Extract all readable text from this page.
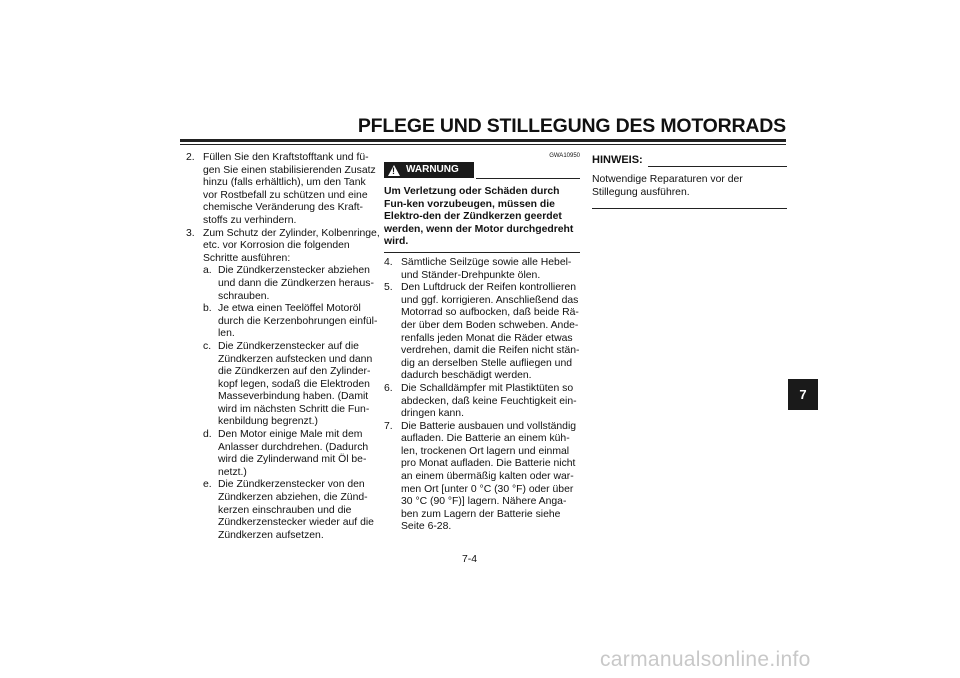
PFLEGE UND STILLEGUNG DES MOTORRADS
2. Füllen Sie den Kraftstofftank und fü-gen Sie einen stabilisierenden Zusatz hinzu (falls erhältlich), um den Tank vor Rostbefall zu schützen und eine chemische Veränderung des Kraft-stoffs zu verhindern.
3. Zum Schutz der Zylinder, Kolbenringe, etc. vor Korrosion die folgenden Schritte ausführen:
a. Die Zündkerzenstecker abziehen und dann die Zündkerzen heraus-schrauben.
b. Je etwa einen Teelöffel Motoröl durch die Kerzenbohrungen einfül-len.
c. Die Zündkerzenstecker auf die Zündkerzen aufstecken und dann die Zündkerzen auf den Zylinder-kopf legen, sodaß die Elektroden Masseverbindung haben. (Damit wird im nächsten Schritt die Fun-kenbildung begrenzt.)
d. Den Motor einige Male mit dem Anlasser durchdrehen. (Dadurch wird die Zylinderwand mit Öl be-netzt.)
e. Die Zündkerzenstecker von den Zündkerzen abziehen, die Zünd-kerzen einschrauben und die Zündkerzenstecker wieder auf die Zündkerzen aufsetzen.
GWA10950
!
WARNUNG
Um Verletzung oder Schäden durch Fun-ken vorzubeugen, müssen die Elektro-den der Zündkerzen geerdet werden, wenn der Motor durchgedreht wird.
4. Sämtliche Seilzüge sowie alle Hebel- und Ständer-Drehpunkte ölen.
5. Den Luftdruck der Reifen kontrollieren und ggf. korrigieren. Anschließend das Motorrad so aufbocken, daß beide Rä-der über dem Boden schweben. Ande-renfalls jeden Monat die Räder etwas verdrehen, damit die Reifen nicht stän-dig an derselben Stelle aufliegen und dadurch beschädigt werden.
6. Die Schalldämpfer mit Plastiktüten so abdecken, daß keine Feuchtigkeit ein-dringen kann.
7. Die Batterie ausbauen und vollständig aufladen. Die Batterie an einem küh-len, trockenen Ort lagern und einmal pro Monat aufladen. Die Batterie nicht an einem übermäßig kalten oder war-men Ort [unter 0 °C (30 °F) oder über 30 °C (90 °F)] lagern. Nähere Anga-ben zum Lagern der Batterie siehe Seite 6-28.
HINWEIS:
Notwendige Reparaturen vor der Stillegung ausführen.
7
7-4
carmanualsonline.info
